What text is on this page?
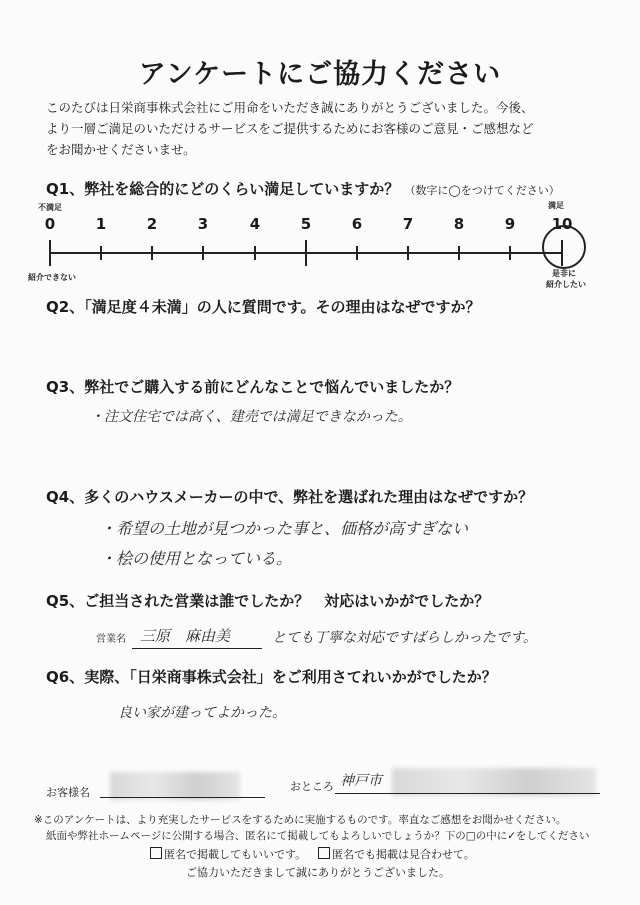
アンケートにご協力ください
このたびは日栄商事株式会社にご用命をいただき誠にありがとうございました。今後、
より一層ご満足のいただけるサービスをご提供するためにお客様のご意見・ご感想など
をお聞かせくださいませ。
Q1、弊社を総合的にどのくらい満足していますか？ （数字に◯をつけてください）
不満足	満足
0	1	2	3	4	5	6	7	8	9	10
紹介できない	是非に
紹介したい
Q2、「満足度４未満」の人に質問です。その理由はなぜですか？
Q3、弊社でご購入する前にどんなことで悩んでいましたか？
・注文住宅では高く、建売では満足できなかった。
Q4、多くのハウスメーカーの中で、弊社を選ばれた理由はなぜですか？
・希望の土地が見つかった事と、価格が高すぎない
・桧の使用となっている。
Q5、ご担当された営業は誰でしたか？　対応はいかがでしたか？
営業名 三原　麻由美	とても丁寧な対応ですばらしかったです。
Q6、実際、「日栄商事株式会社」をご利用さてれいかがでしたか？
良い家が建ってよかった。
お客様名	おところ 神戸市
※このアンケートは、より充実したサービスをするために実施するものです。率直なご感想をお聞かせください。
紙面や弊社ホームページに公開する場合、匿名にて掲載してもよろしいでしょうか？下の□の中に✓をしてください
匿名で掲載してもいいです。	匿名でも掲載は見合わせて。
ご協力いただきまして誠にありがとうございました。
